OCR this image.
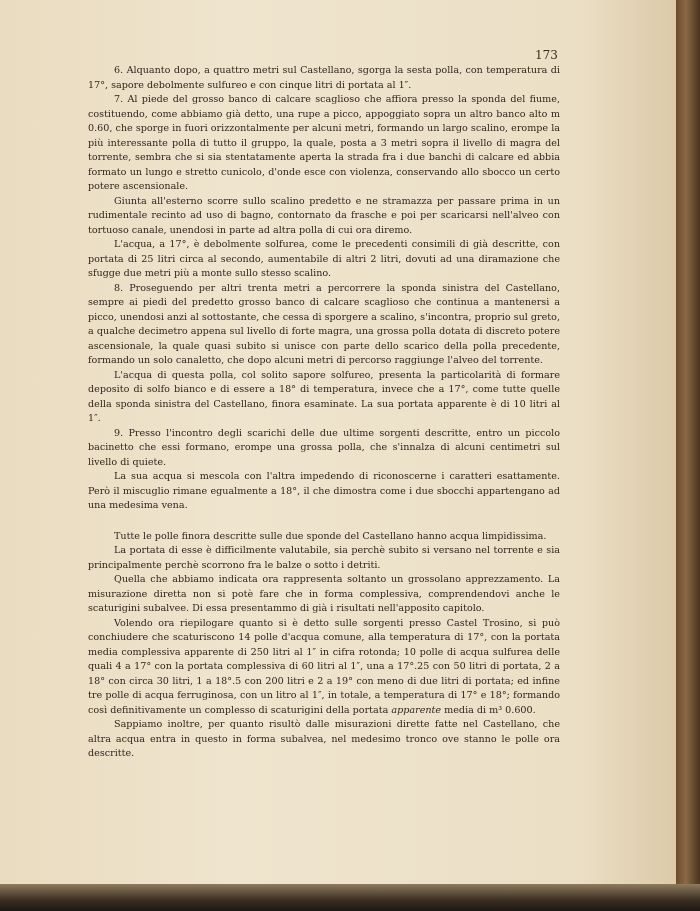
173

6. Alquanto dopo, a quattro metri sul Castellano, sgorga la sesta polla, con temperatura di 17°, sapore debolmente sulfureo e con cinque litri di portata al 1″.

7. Al piede del grosso banco di calcare scaglioso che affiora presso la sponda del fiume, costituendo, come abbiamo già detto, una rupe a picco, appoggiato sopra un altro banco alto m 0.60, che sporge in fuori orizzontalmente per alcuni metri, formando un largo scalino, erompe la più interessante polla di tutto il gruppo, la quale, posta a 3 metri sopra il livello di magra del torrente, sembra che si sia stentatamente aperta la strada fra i due banchi di calcare ed abbia formato un lungo e stretto cunicolo, d'onde esce con violenza, conservando allo sbocco un certo potere ascensionale.

Giunta all'esterno scorre sullo scalino predetto e ne stramazza per passare prima in un rudimentale recinto ad uso di bagno, contornato da frasche e poi per scaricarsi nell'alveo con tortuoso canale, unendosi in parte ad altra polla di cui ora diremo.

L'acqua, a 17°, è debolmente solfurea, come le precedenti consimili di già descritte, con portata di 25 litri circa al secondo, aumentabile di altri 2 litri, dovuti ad una diramazione che sfugge due metri più a monte sullo stesso scalino.

8. Proseguendo per altri trenta metri a percorrere la sponda sinistra del Castellano, sempre ai piedi del predetto grosso banco di calcare scaglioso che continua a mantenersi a picco, unendosi anzi al sottostante, che cessa di sporgere a scalino, s'incontra, proprio sul greto, a qualche decimetro appena sul livello di forte magra, una grossa polla dotata di discreto potere ascensionale, la quale quasi subito si unisce con parte dello scarico della polla precedente, formando un solo canaletto, che dopo alcuni metri di percorso raggiunge l'alveo del torrente.

L'acqua di questa polla, col solito sapore solfureo, presenta la particolarità di formare deposito di solfo bianco e di essere a 18° di temperatura, invece che a 17°, come tutte quelle della sponda sinistra del Castellano, finora esaminate. La sua portata apparente è di 10 litri al 1″.

9. Presso l'incontro degli scarichi delle due ultime sorgenti descritte, entro un piccolo bacinetto che essi formano, erompe una grossa polla, che s'innalza di alcuni centimetri sul livello di quiete.

La sua acqua si mescola con l'altra impedendo di riconoscerne i caratteri esattamente. Però il miscuglio rimane egualmente a 18°, il che dimostra come i due sbocchi appartengano ad una medesima vena.

Tutte le polle finora descritte sulle due sponde del Castellano hanno acqua limpidissima.

La portata di esse è difficilmente valutabile, sia perchè subito si versano nel torrente e sia principalmente perchè scorrono fra le balze o sotto i detriti.

Quella che abbiamo indicata ora rappresenta soltanto un grossolano apprezzamento. La misurazione diretta non si potè fare che in forma complessiva, comprendendovi anche le scaturigini subalvee. Di essa presentammo di già i risultati nell'apposito capitolo.

Volendo ora riepilogare quanto si è detto sulle sorgenti presso Castel Trosino, si può conchiudere che scaturiscono 14 polle d'acqua comune, alla temperatura di 17°, con la portata media complessiva apparente di 250 litri al 1″ in cifra rotonda; 10 polle di acqua sulfurea delle quali 4 a 17° con la portata complessiva di 60 litri al 1″, una a 17°.25 con 50 litri di portata, 2 a 18° con circa 30 litri, 1 a 18°.5 con 200 litri e 2 a 19° con meno di due litri di portata; ed infine tre polle di acqua ferruginosa, con un litro al 1″, in totale, a temperatura di 17° e 18°; formando così definitivamente un complesso di scaturigini della portata apparente media di m³ 0.600.

Sappiamo inoltre, per quanto risultò dalle misurazioni dirette fatte nel Castellano, che altra acqua entra in questo in forma subalvea, nel medesimo tronco ove stanno le polle ora descritte.
